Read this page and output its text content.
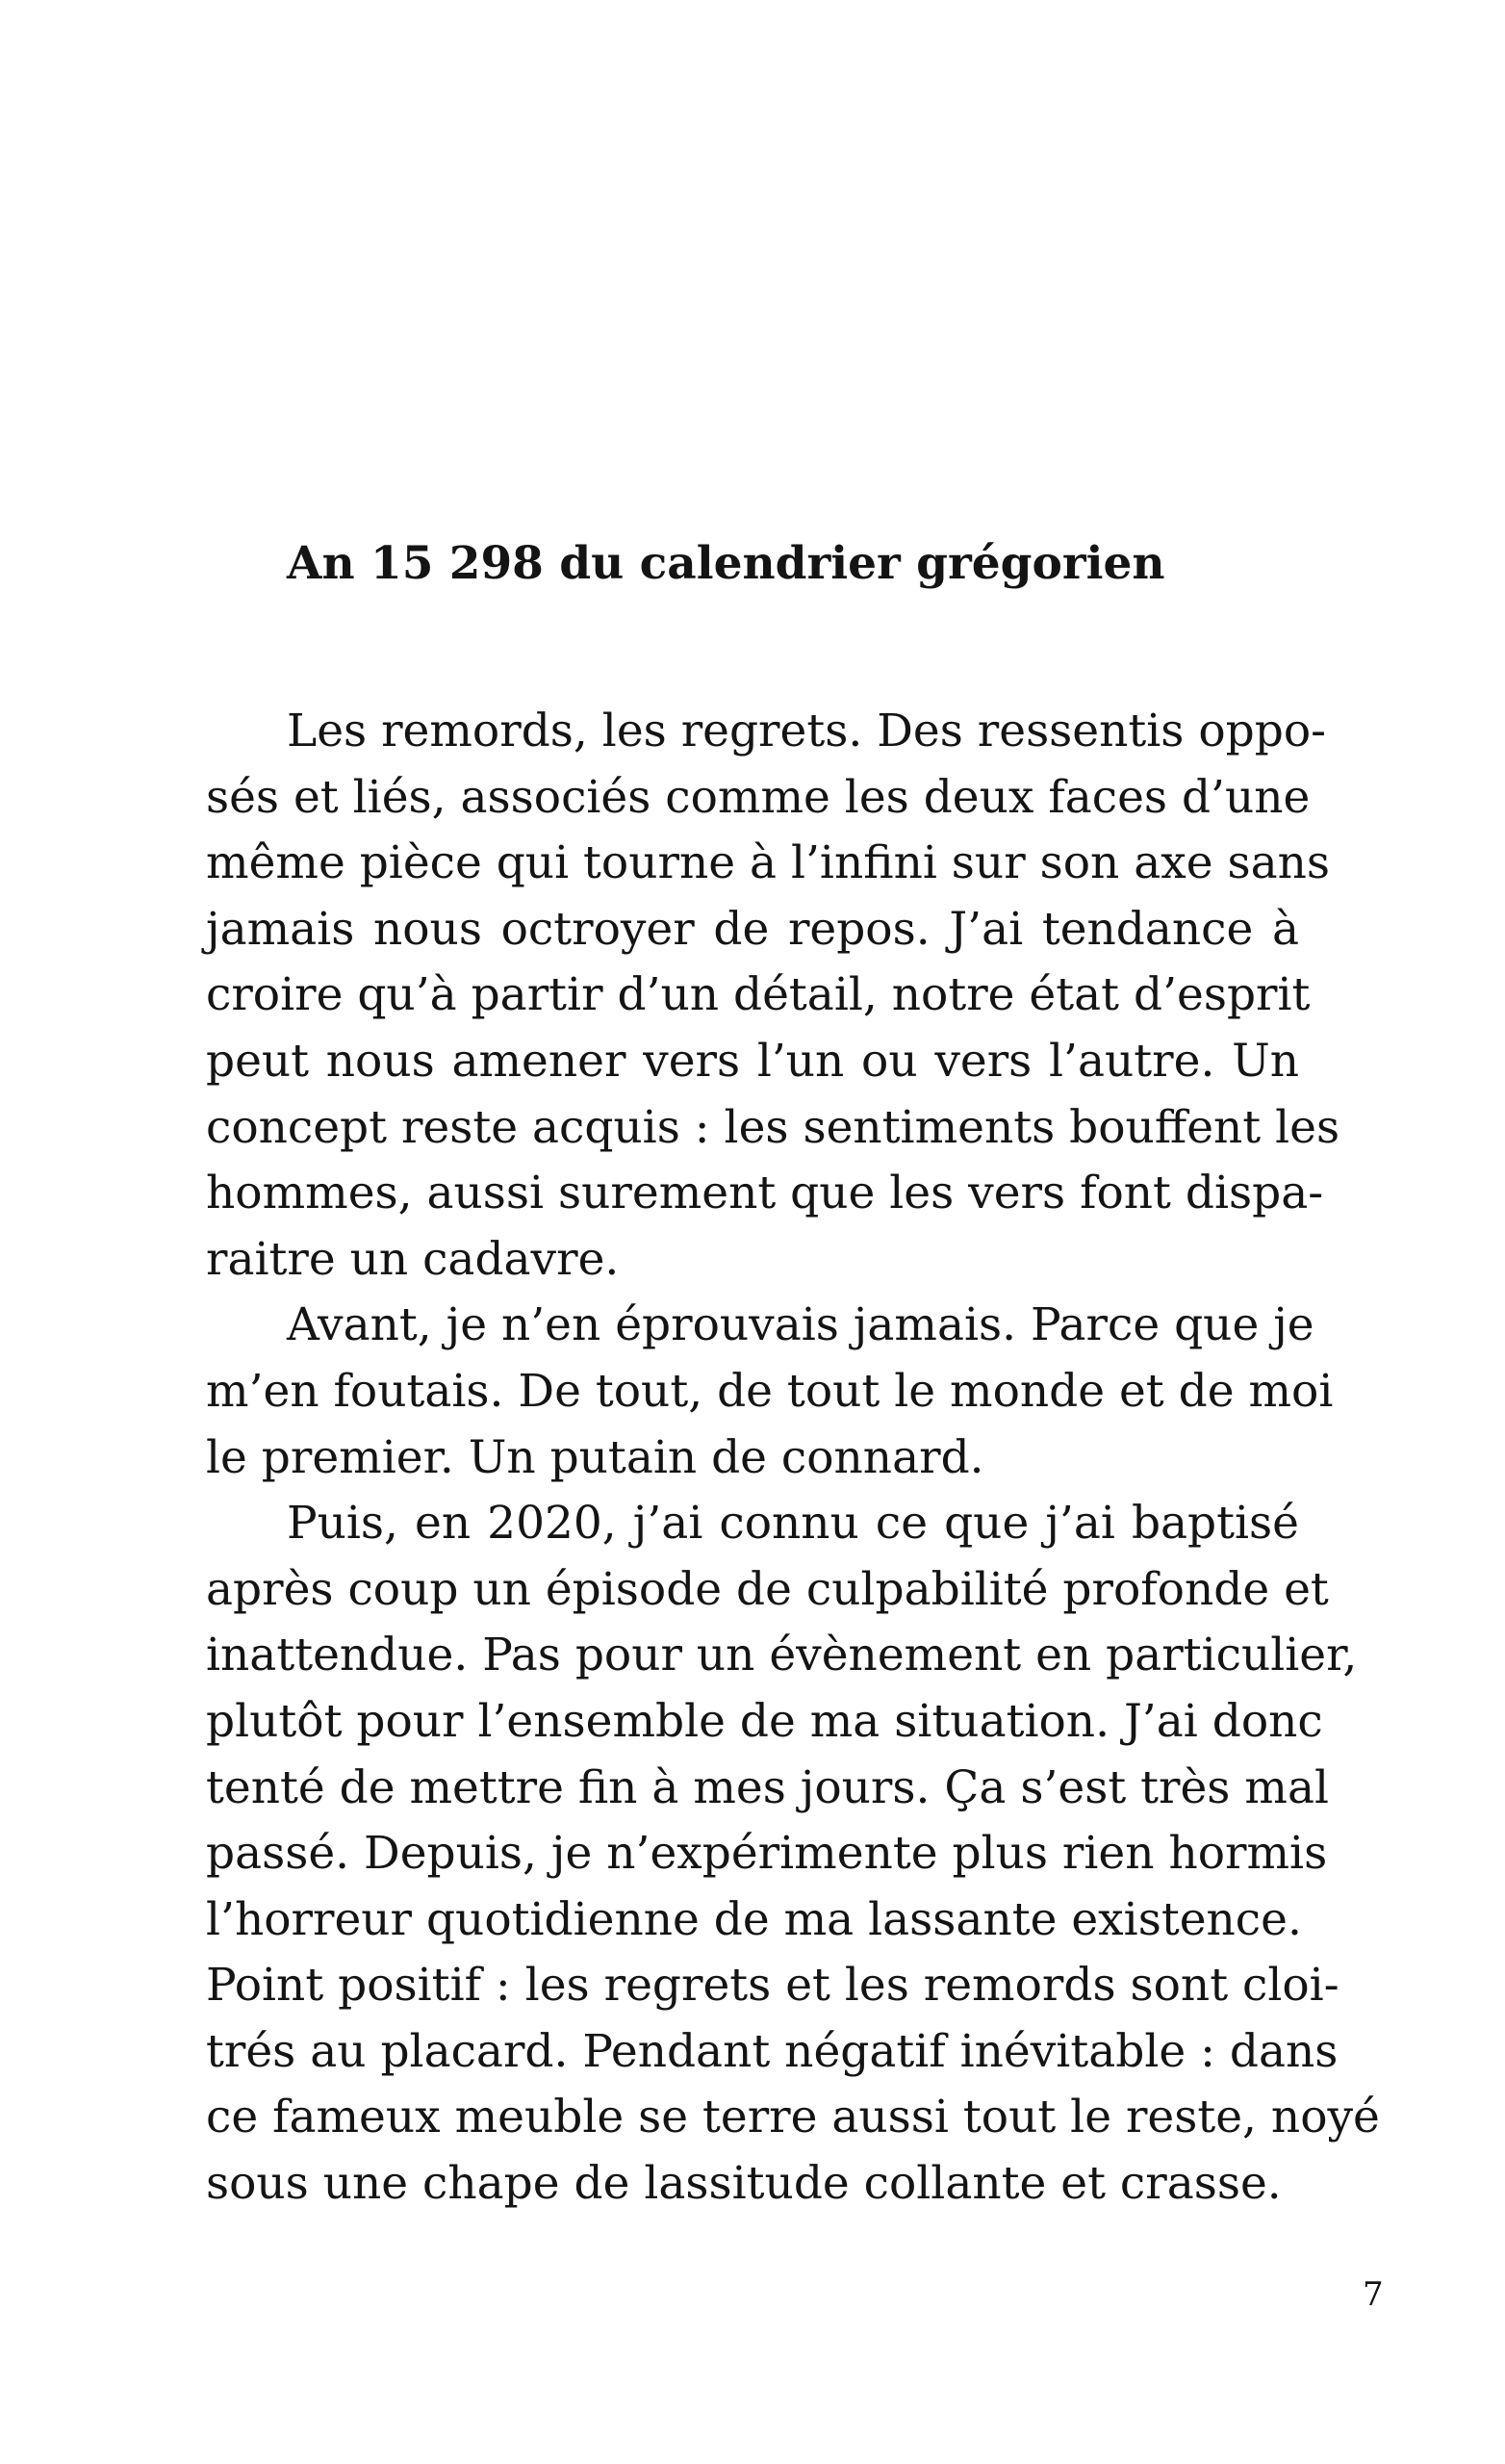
An 15 298 du calendrier grégorien
Les remords, les regrets. Des ressentis oppo-
sés et liés, associés comme les deux faces d’une
même pièce qui tourne à l’infini sur son axe sans
jamais nous octroyer de repos. J’ai tendance à
croire qu’à partir d’un détail, notre état d’esprit
peut nous amener vers l’un ou vers l’autre. Un
concept reste acquis : les sentiments bouffent les
hommes, aussi surement que les vers font dispa-
raitre un cadavre.
Avant, je n’en éprouvais jamais. Parce que je
m’en foutais. De tout, de tout le monde et de moi
le premier. Un putain de connard.
Puis, en 2020, j’ai connu ce que j’ai baptisé
après coup un épisode de culpabilité profonde et
inattendue. Pas pour un évènement en particulier,
plutôt pour l’ensemble de ma situation. J’ai donc
tenté de mettre fin à mes jours. Ça s’est très mal
passé. Depuis, je n’expérimente plus rien hormis
l’horreur quotidienne de ma lassante existence.
Point positif : les regrets et les remords sont cloi-
trés au placard. Pendant négatif inévitable : dans
ce fameux meuble se terre aussi tout le reste, noyé
sous une chape de lassitude collante et crasse.
7
